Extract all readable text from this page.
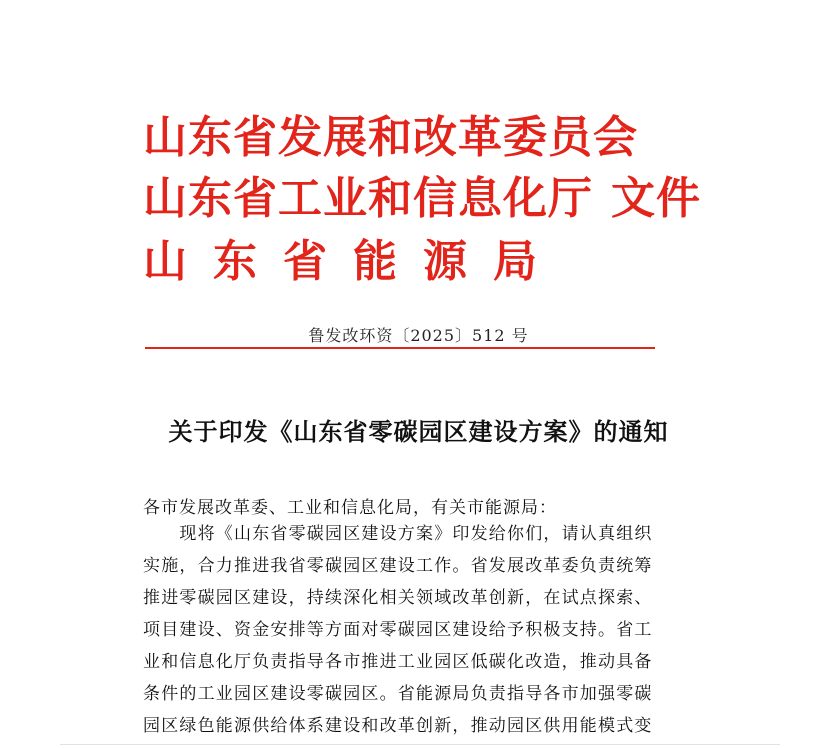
山东省发展和改革委员会
山东省工业和信息化厅 文件
山 东 省 能 源 局
鲁发改环资〔2025〕512 号
关于印发《山东省零碳园区建设方案》的通知
各市发展改革委、工业和信息化局，有关市能源局：
　　现将《山东省零碳园区建设方案》印发给你们，请认真组织
实施，合力推进我省零碳园区建设工作。省发展改革委负责统筹
推进零碳园区建设，持续深化相关领域改革创新，在试点探索、
项目建设、资金安排等方面对零碳园区建设给予积极支持。省工
业和信息化厅负责指导各市推进工业园区低碳化改造，推动具备
条件的工业园区建设零碳园区。省能源局负责指导各市加强零碳
园区绿色能源供给体系建设和改革创新，推动园区供用能模式变
